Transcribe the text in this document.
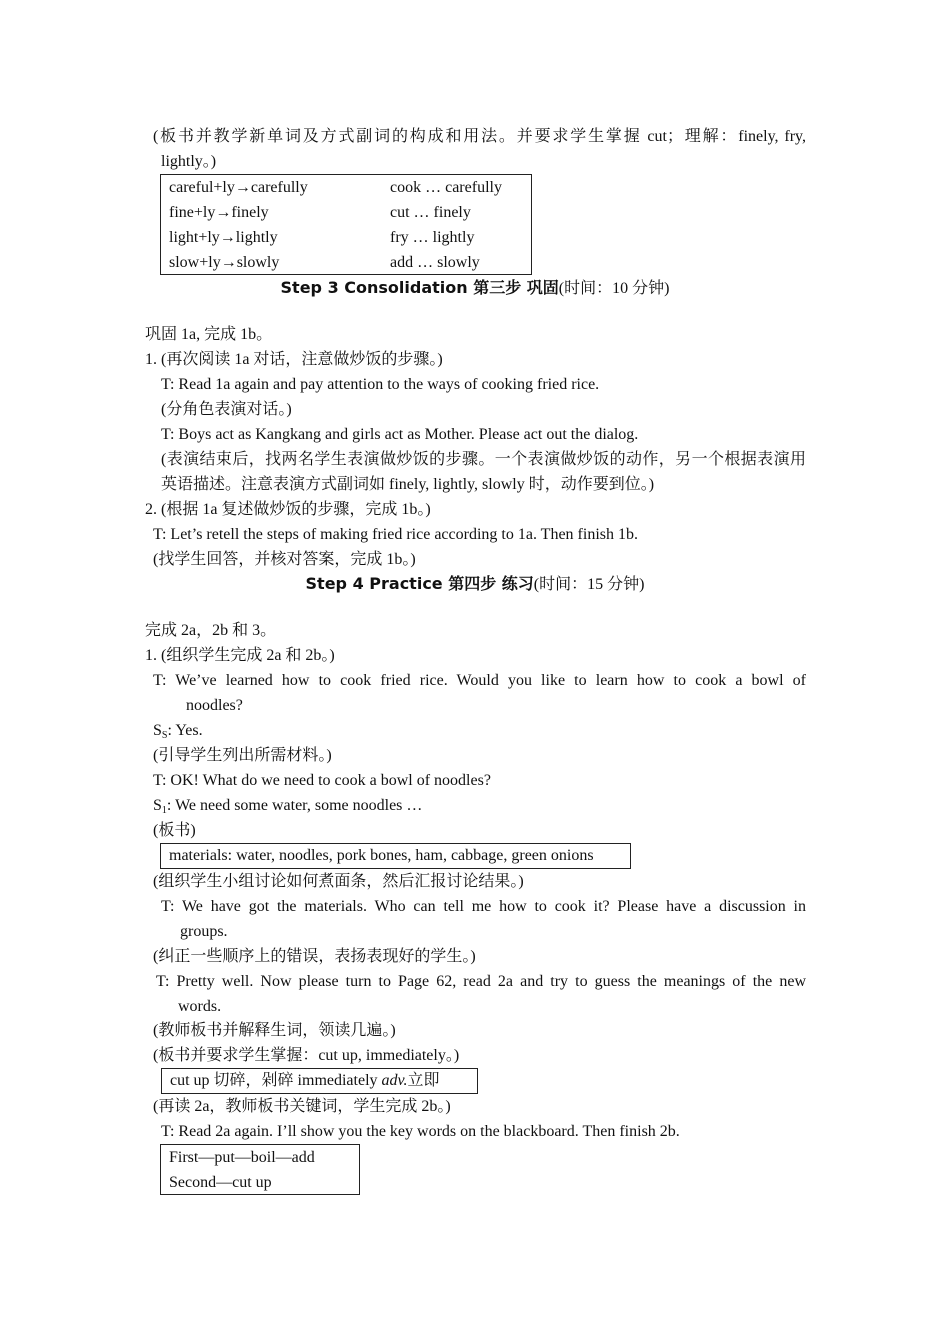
(板书并教学新单词及方式副词的构成和用法。并要求学生掌握 cut；理解：finely, fry,
lightly。)
careful+ly→carefully	cook … carefully
fine+ly→finely	cut … finely
light+ly→lightly	fry … lightly
slow+ly→slowly	add … slowly
Step 3 Consolidation 第三步 巩固(时间：10 分钟)
巩固 1a, 完成 1b。
1. (再次阅读 1a 对话，注意做炒饭的步骤。)
T: Read 1a again and pay attention to the ways of cooking fried rice.
(分角色表演对话。)
T: Boys act as Kangkang and girls act as Mother. Please act out the dialog.
(表演结束后，找两名学生表演做炒饭的步骤。一个表演做炒饭的动作，另一个根据表演用
英语描述。注意表演方式副词如 finely, lightly, slowly 时，动作要到位。)
2. (根据 1a 复述做炒饭的步骤，完成 1b。)
T: Let’s retell the steps of making fried rice according to 1a. Then finish 1b.
(找学生回答，并核对答案，完成 1b。)
Step 4 Practice 第四步 练习(时间：15 分钟)
完成 2a，2b 和 3。
1. (组织学生完成 2a 和 2b。)
T: We’ve learned how to cook fried rice. Would you like to learn how to cook a bowl of
noodles?
$S_S$: Yes.
(引导学生列出所需材料。)
T: OK! What do we need to cook a bowl of noodles?
$S_1$: We need some water, some noodles …
(板书)
materials: water, noodles, pork bones, ham, cabbage, green onions
(组织学生小组讨论如何煮面条，然后汇报讨论结果。)
T: We have got the materials. Who can tell me how to cook it? Please have a discussion in
groups.
(纠正一些顺序上的错误，表扬表现好的学生。)
T: Pretty well. Now please turn to Page 62, read 2a and try to guess the meanings of the new
words.
(教师板书并解释生词，领读几遍。)
(板书并要求学生掌握：cut up, immediately。)
cut up 切碎，剁碎 immediately adv.立即
(再读 2a，教师板书关键词，学生完成 2b。)
T: Read 2a again. I’ll show you the key words on the blackboard. Then finish 2b.
First—put—boil—add
Second—cut up
